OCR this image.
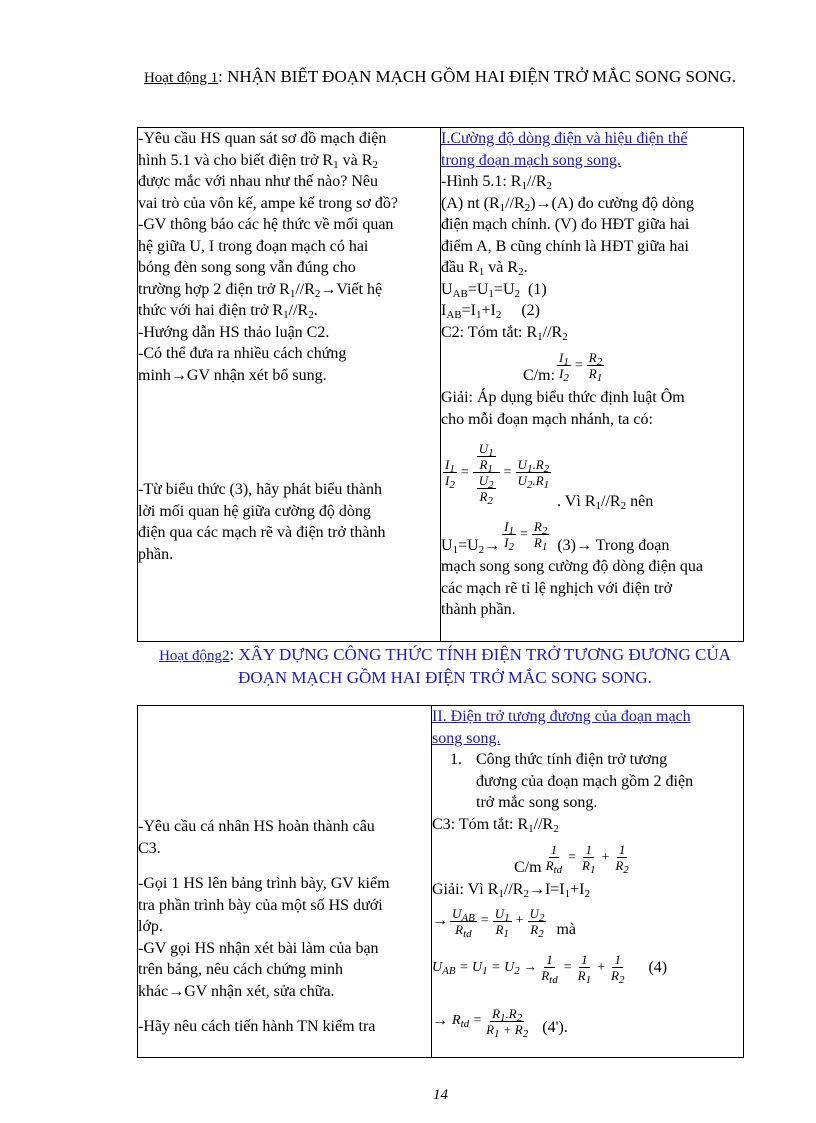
Hoạt động 1: NHẬN BIẾT ĐOẠN MẠCH GỒM HAI ĐIỆN TRỞ MẮC SONG SONG.
-Yêu cầu HS quan sát sơ đồ mạch điện
hình 5.1 và cho biết điện trở $R_1$ và $R_2$
được mắc với nhau như thế nào? Nêu
vai trò của vôn kế, ampe kế trong sơ đồ?
-GV thông báo các hệ thức về mối quan
hệ giữa U, I trong đoạn mạch có hai
bóng đèn song song vẫn đúng cho
trường hợp 2 điện trở $R_1//R_2\to Viết$ hệ
thức với hai điện trở $R_1//R_2$.
-Hướng dẫn HS thảo luận C2.
-Có thể đưa ra nhiều cách chứng
minh→GV nhận xét bổ sung.
-Từ biểu thức (3), hãy phát biểu thành
lời mối quan hệ giữa cường độ dòng
điện qua các mạch rẽ và điện trở thành
phần.

I.Cường độ dòng điện và hiệu điện thế
trong đoạn mạch song song.
-Hình 5.1: $R_1//R_2$
(A) nt $(R_1//R_2)\to(A)$ đo cường độ dòng
điện mạch chính. (V) đo HĐT giữa hai
điểm A, B cũng chính là HĐT giữa hai
đầu $R_1$ và $R_2$.
$U_{AB}=U_1=U_2$ (1)
$I_{AB}=I_1+I_2$ (2)
C2: Tóm tắt: $R_1//R_2$
C/m: $\frac{I_1}{I_2} = \frac{R_2}{R_1}$
Giải: Áp dụng biểu thức định luật Ôm
cho mỗi đoạn mạch nhánh, ta có:
$\frac{I_1}{I_2} = \frac{\frac{U_1}{R_1}}{\frac{U_2}{R_2}} = \frac{U_1.R_2}{U_2.R_1}$
. Vì $R_1//R_2$ nên
$U_1=U_2\to \frac{I_1}{I_2} = \frac{R_2}{R_1} (3)\to$ Trong đoạn
mạch song song cường độ dòng điện qua
các mạch rẽ tỉ lệ nghịch với điện trở
thành phần.
Hoạt động2: XÂY DỰNG CÔNG THỨC TÍNH ĐIỆN TRỞ TƯƠNG ĐƯƠNG CỦA ĐOẠN MẠCH GỒM HAI ĐIỆN TRỞ MẮC SONG SONG.
-Yêu cầu cá nhân HS hoàn thành câu
C3.
-Gọi 1 HS lên bảng trình bày, GV kiểm
tra phần trình bày của một số HS dưới
lớp.
-GV gọi HS nhận xét bài làm của bạn
trên bảng, nêu cách chứng minh
khác→GV nhận xét, sửa chữa.
-Hãy nêu cách tiến hành TN kiểm tra

II. Điện trở tương đương của đoạn mạch
song song.
1. Công thức tính điện trở tương
đương của đoạn mạch gồm 2 điện
trở mắc song song.
C3: Tóm tắt: $R_1//R_2$
$C/m \frac{1}{R_{td}} = \frac{1}{R_1} + \frac{1}{R_2}$
Giải: Vì $R_1//R_2\to I=I_1+I_2$
→ $\frac{U_{AB}}{R_{td}} = \frac{U_1}{R_1} + \frac{U_2}{R_2}$ mà
$U_{AB} = U_1 = U_2 \to \frac{1}{R_{td}} = \frac{1}{R_1} + \frac{1}{R_2} (4)$
→ $R_{td} = \frac{R_1.R_2}{R_1 + R_2} (4')$.
14
